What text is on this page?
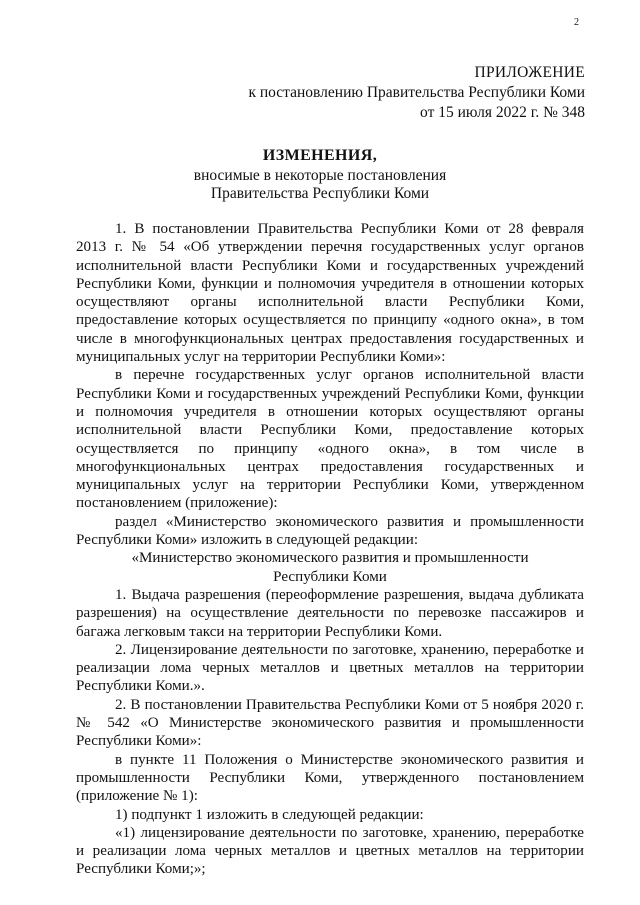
2
ПРИЛОЖЕНИЕ
к постановлению Правительства Республики Коми
от 15 июля 2022 г. № 348
ИЗМЕНЕНИЯ,
вносимые в некоторые постановления
Правительства Республики Коми

1. В постановлении Правительства Республики Коми от 28 февраля 2013 г. № 54 «Об утверждении перечня государственных услуг органов исполнительной власти Республики Коми и государственных учреждений Республики Коми, функции и полномочия учредителя в отношении которых осуществляют органы исполнительной власти Республики Коми, предоставление которых осуществляется по принципу «одного окна», в том числе в многофункциональных центрах предоставления государственных и муниципальных услуг на территории Республики Коми»:

в перечне государственных услуг органов исполнительной власти Республики Коми и государственных учреждений Республики Коми, функции и полномочия учредителя в отношении которых осуществляют органы исполнительной власти Республики Коми, предоставление которых осуществляется по принципу «одного окна», в том числе в многофункциональных центрах предоставления государственных и муниципальных услуг на территории Республики Коми, утвержденном постановлением (приложение):

раздел «Министерство экономического развития и промышленности Республики Коми» изложить в следующей редакции:

«Министерство экономического развития и промышленности

Республики Коми

1. Выдача разрешения (переоформление разрешения, выдача дубликата разрешения) на осуществление деятельности по перевозке пассажиров и багажа легковым такси на территории Республики Коми.

2. Лицензирование деятельности по заготовке, хранению, переработке и реализации лома черных металлов и цветных металлов на территории Республики Коми.».

2. В постановлении Правительства Республики Коми от 5 ноября 2020 г. № 542 «О Министерстве экономического развития и промышленности Республики Коми»:

в пункте 11 Положения о Министерстве экономического развития и промышленности Республики Коми, утвержденного постановлением (приложение № 1):

1) подпункт 1 изложить в следующей редакции:

«1) лицензирование деятельности по заготовке, хранению, переработке и реализации лома черных металлов и цветных металлов на территории Республики Коми;»;
